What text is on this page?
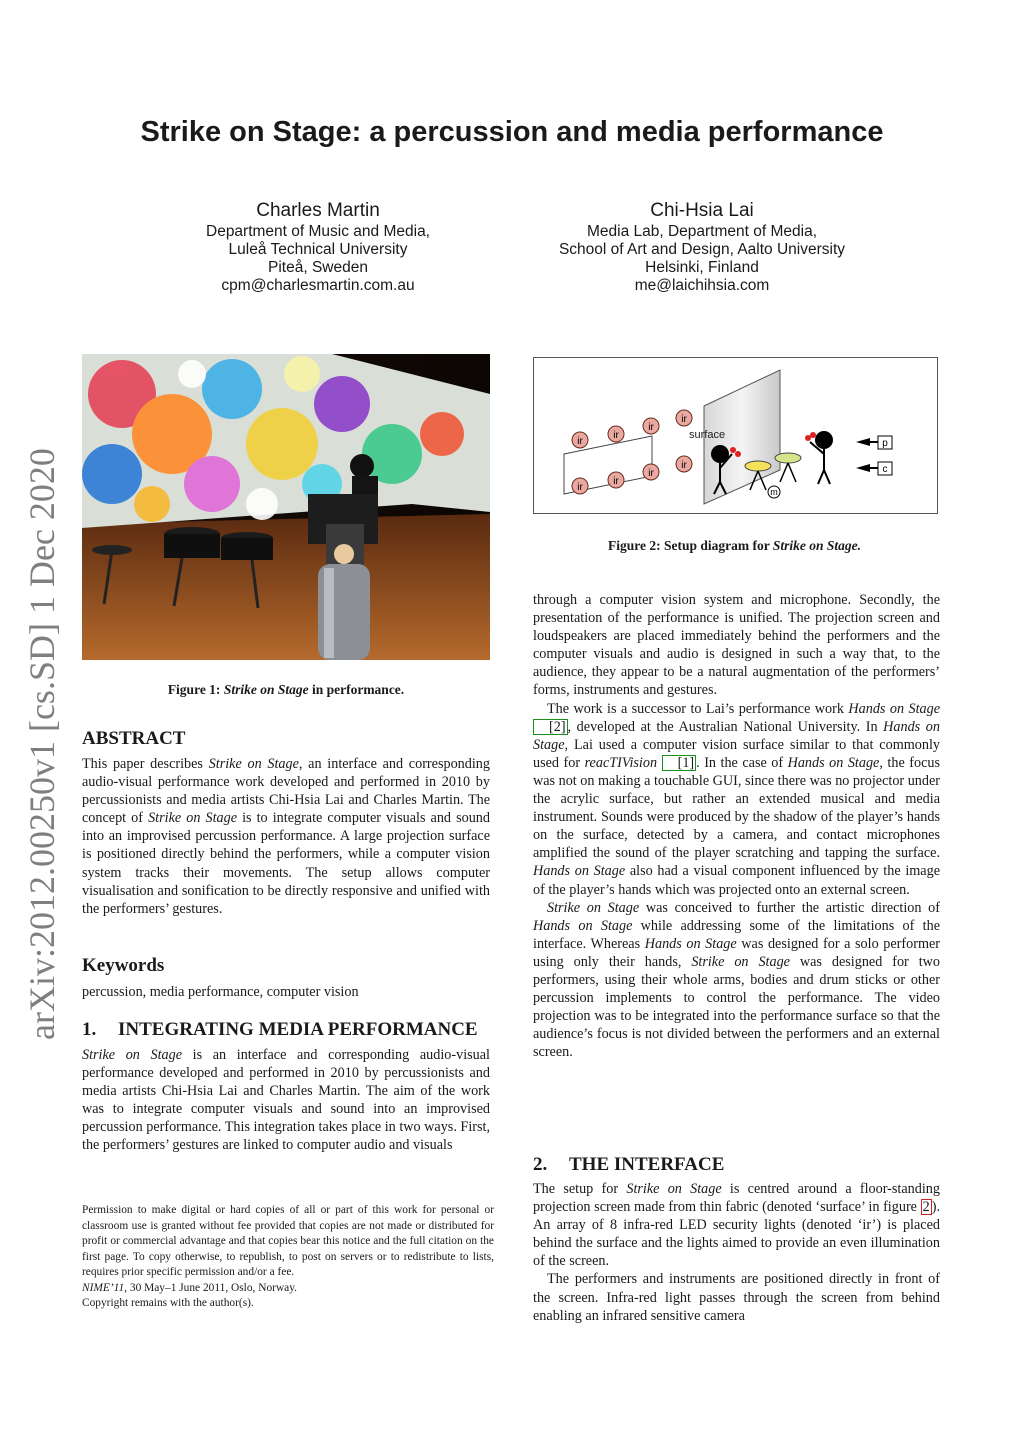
arXiv:2012.00250v1 [cs.SD] 1 Dec 2020
Strike on Stage: a percussion and media performance
Charles Martin
Department of Music and Media,
Luleå Technical University
Piteå, Sweden
cpm@charlesmartin.com.au
Chi-Hsia Lai
Media Lab, Department of Media,
School of Art and Design, Aalto University
Helsinki, Finland
me@laichihsia.com
Figure 1: Strike on Stage in performance.
surface
ir
ir
ir
ir
ir
ir
ir
ir
m
p
c
Figure 2: Setup diagram for Strike on Stage.
ABSTRACT

This paper describes Strike on Stage, an interface and corresponding audio-visual performance work developed and performed in 2010 by percussionists and media artists Chi-Hsia Lai and Charles Martin. The concept of Strike on Stage is to integrate computer visuals and sound into an improvised percussion performance. A large projection surface is positioned directly behind the performers, while a computer vision system tracks their movements. The setup allows computer visualisation and sonification to be directly responsive and unified with the performers’ gestures.

Keywords
percussion, media performance, computer vision
1. INTEGRATING MEDIA PERFORMANCE

Strike on Stage is an interface and corresponding audio-visual performance developed and performed in 2010 by percussionists and media artists Chi-Hsia Lai and Charles Martin. The aim of the work was to integrate computer visuals and sound into an improvised percussion performance. This integration takes place in two ways. First, the performers’ gestures are linked to computer audio and visuals

Permission to make digital or hard copies of all or part of this work for personal or classroom use is granted without fee provided that copies are not made or distributed for profit or commercial advantage and that copies bear this notice and the full citation on the first page. To copy otherwise, to republish, to post on servers or to redistribute to lists, requires prior specific permission and/or a fee.

NIME’11, 30 May–1 June 2011, Oslo, Norway.

Copyright remains with the author(s).

through a computer vision system and microphone. Secondly, the presentation of the performance is unified. The projection screen and loudspeakers are placed immediately behind the performers and the computer visuals and audio is designed in such a way that, to the audience, they appear to be a natural augmentation of the performers’ forms, instruments and gestures.

The work is a successor to Lai’s performance work Hands on Stage [2] , developed at the Australian National University. In Hands on Stage, Lai used a computer vision surface similar to that commonly used for reacTIVision [1] . In the case of Hands on Stage, the focus was not on making a touchable GUI, since there was no projector under the acrylic surface, but rather an extended musical and media instrument. Sounds were produced by the shadow of the player’s hands on the surface, detected by a camera, and contact microphones amplified the sound of the player scratching and tapping the surface. Hands on Stage also had a visual component influenced by the image of the player’s hands which was projected onto an external screen.

Strike on Stage was conceived to further the artistic direction of Hands on Stage while addressing some of the limitations of the interface. Whereas Hands on Stage was designed for a solo performer using only their hands, Strike on Stage was designed for two performers, using their whole arms, bodies and drum sticks or other percussion implements to control the performance. The video projection was to be integrated into the performance surface so that the audience’s focus is not divided between the performers and an external screen.

2. THE INTERFACE

The setup for Strike on Stage is centred around a floor-standing projection screen made from thin fabric (denoted ‘surface’ in figure 2 ). An array of 8 infra-red LED security lights (denoted ‘ir’) is placed behind the surface and the lights aimed to provide an even illumination of the screen.

The performers and instruments are positioned directly in front of the screen. Infra-red light passes through the screen from behind enabling an infrared sensitive camera
